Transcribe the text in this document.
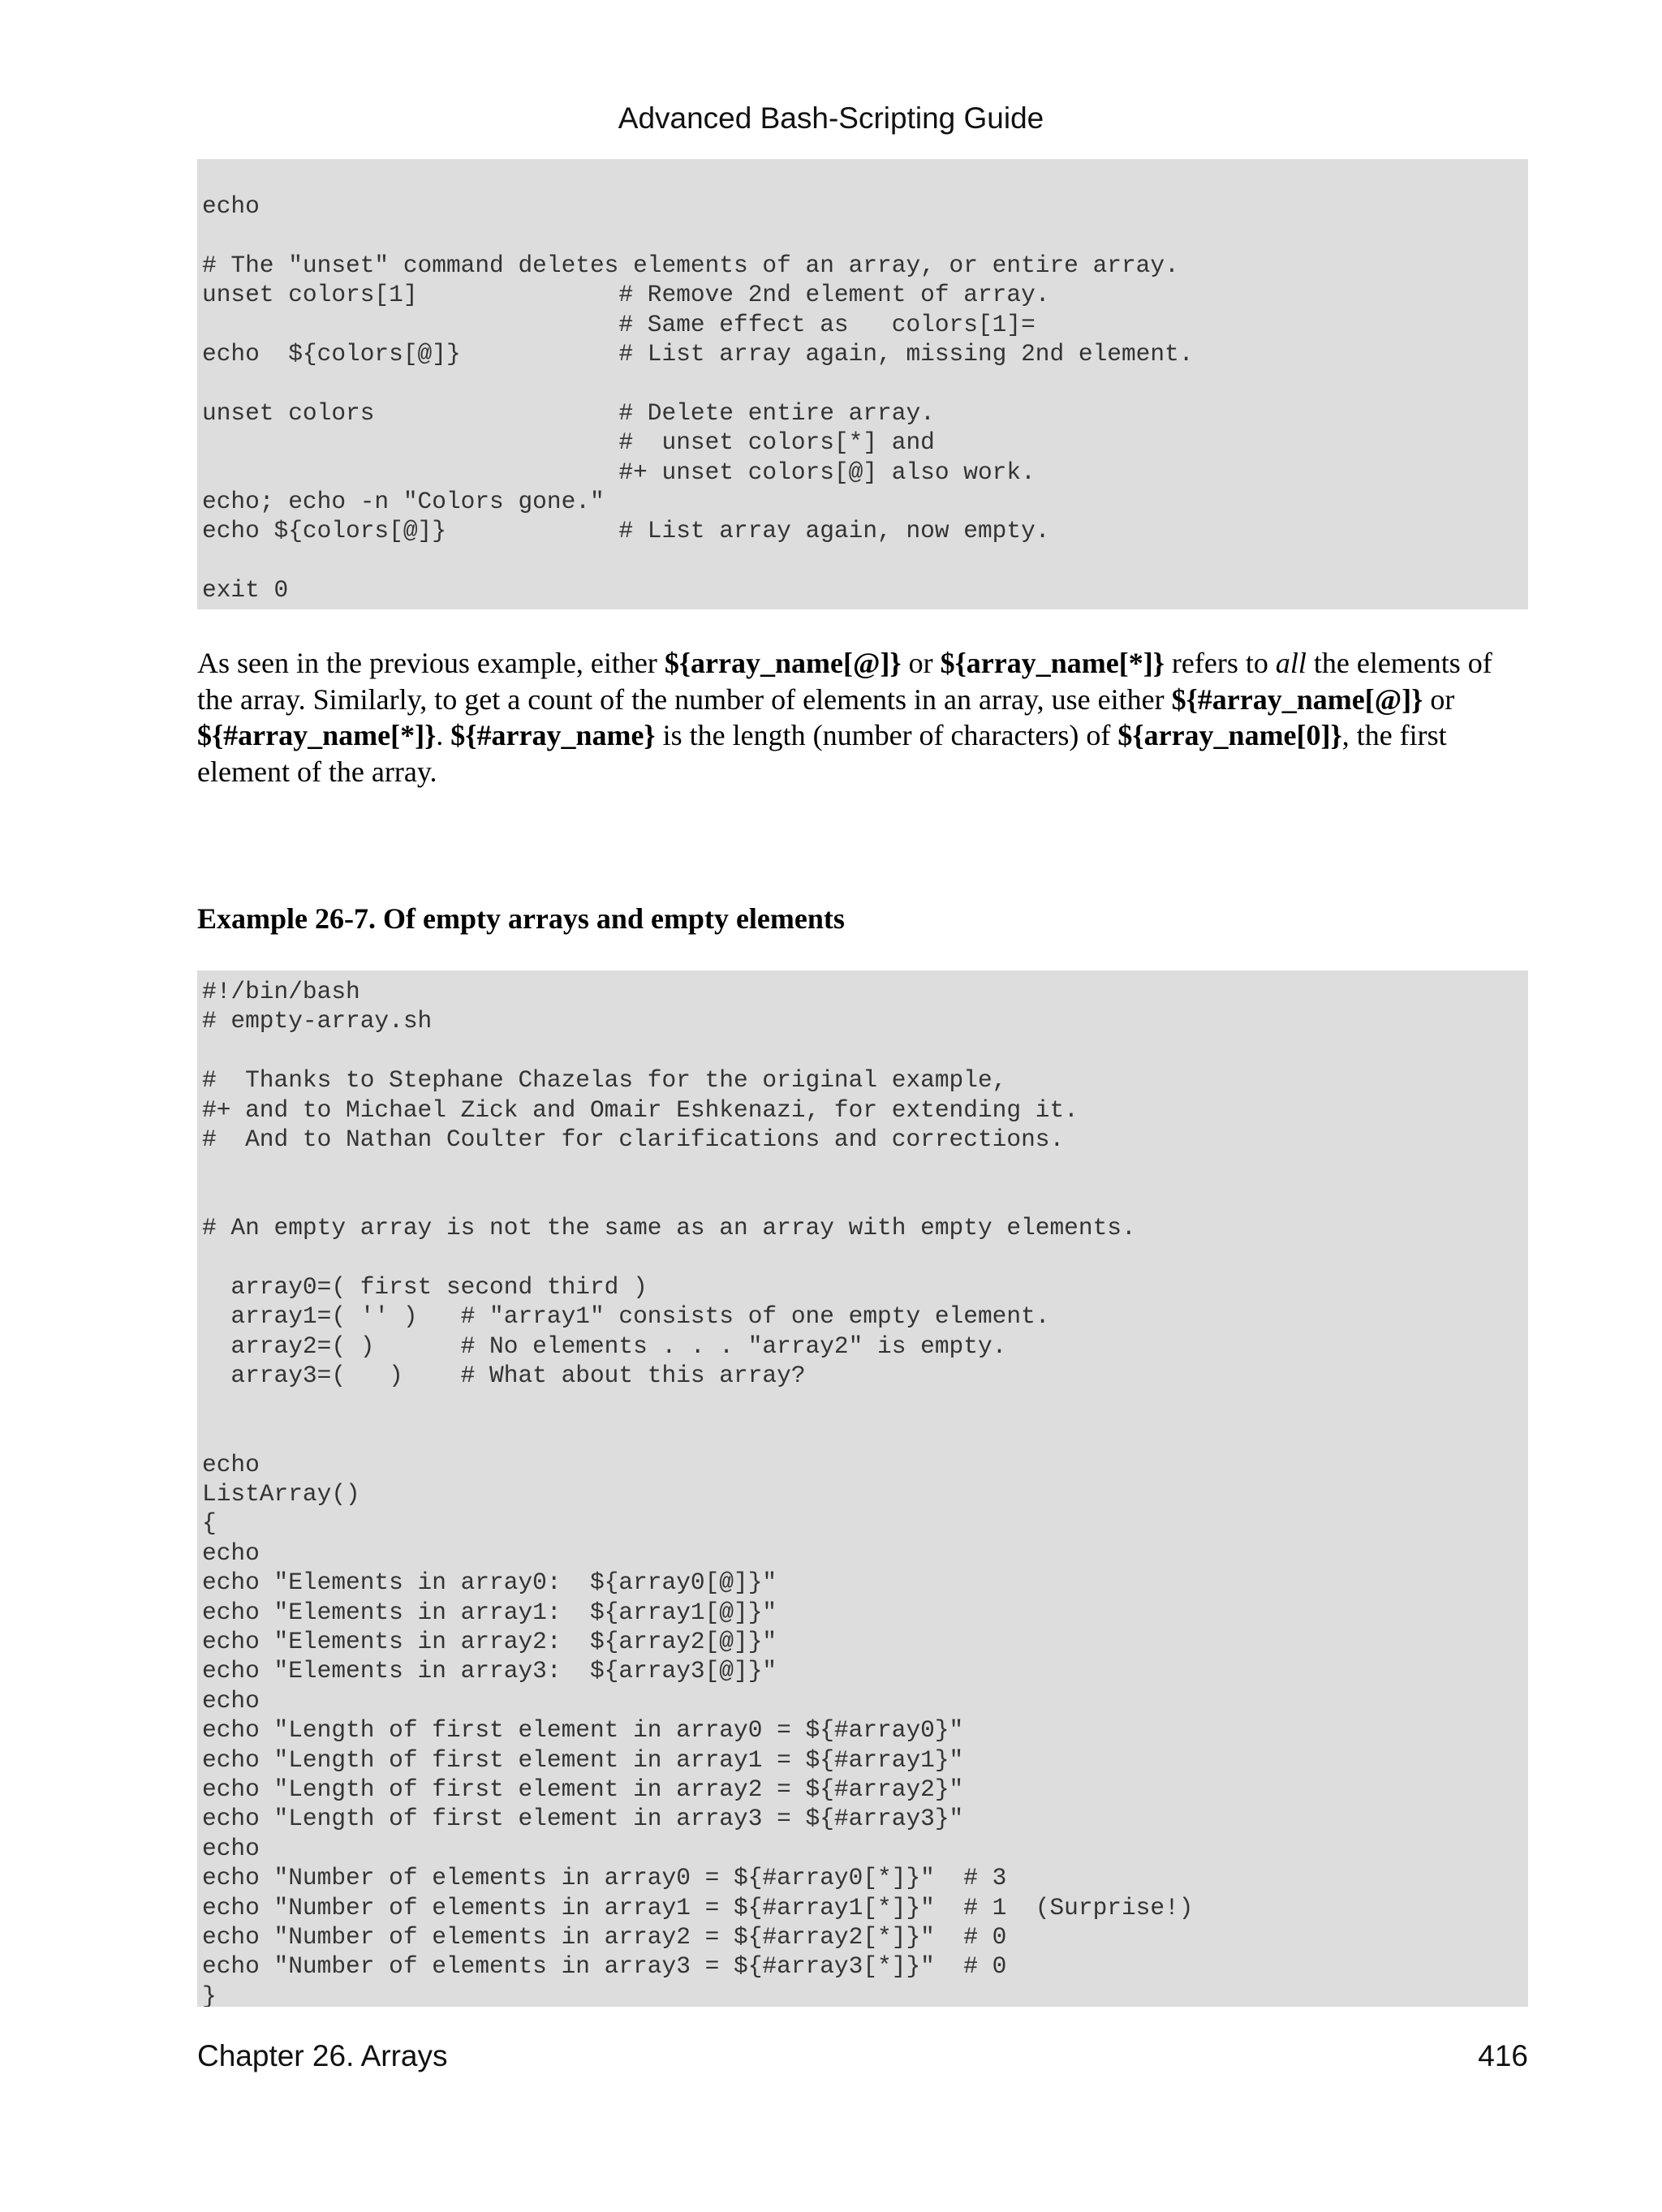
Advanced Bash-Scripting Guide
echo

# The "unset" command deletes elements of an array, or entire array.
unset colors[1]              # Remove 2nd element of array.
# Same effect as   colors[1]=
echo  ${colors[@]}           # List array again, missing 2nd element.

unset colors                 # Delete entire array.
#  unset colors[*] and
#+ unset colors[@] also work.
echo; echo -n "Colors gone."
echo ${colors[@]}            # List array again, now empty.

exit 0
As seen in the previous example, either ${array_name[@]} or ${array_name[*]} refers to all the elements of the array. Similarly, to get a count of the number of elements in an array, use either ${#array_name[@]} or ${#array_name[*]}. ${#array_name} is the length (number of characters) of ${array_name[0]}, the first element of the array.
Example 26-7. Of empty arrays and empty elements
#!/bin/bash
# empty-array.sh

#  Thanks to Stephane Chazelas for the original example,
#+ and to Michael Zick and Omair Eshkenazi, for extending it.
#  And to Nathan Coulter for clarifications and corrections.

# An empty array is not the same as an array with empty elements.

array0=( first second third )
array1=( '' )   # "array1" consists of one empty element.
array2=( )      # No elements . . . "array2" is empty.
array3=(   )    # What about this array?

echo
ListArray()
{
echo
echo "Elements in array0:  ${array0[@]}"
echo "Elements in array1:  ${array1[@]}"
echo "Elements in array2:  ${array2[@]}"
echo "Elements in array3:  ${array3[@]}"
echo
echo "Length of first element in array0 = ${#array0}"
echo "Length of first element in array1 = ${#array1}"
echo "Length of first element in array2 = ${#array2}"
echo "Length of first element in array3 = ${#array3}"
echo
echo "Number of elements in array0 = ${#array0[*]}"  # 3
echo "Number of elements in array1 = ${#array1[*]}"  # 1  (Surprise!)
echo "Number of elements in array2 = ${#array2[*]}"  # 0
echo "Number of elements in array3 = ${#array3[*]}"  # 0
}
Chapter 26. Arrays	416
